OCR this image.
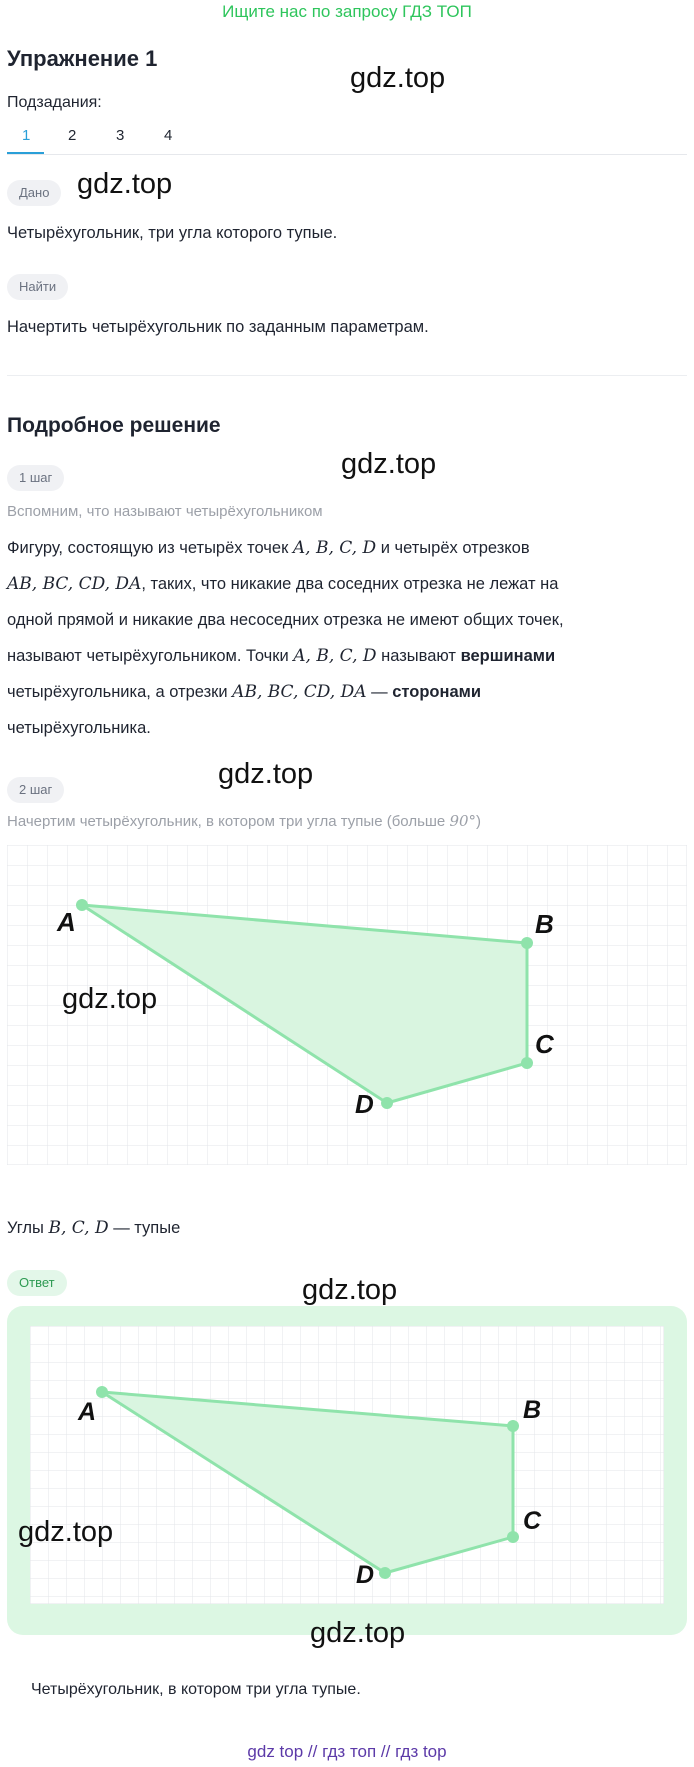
Ищите нас по запросу ГДЗ ТОП
Упражнение 1
Подзадания:
1	2	3	4
Дано
Четырёхугольник, три угла которого тупые.
Найти
Начертить четырёхугольник по заданным параметрам.
Подробное решение
1 шаг
Вспомним, что называют четырёхугольником
Фигуру, состоящую из четырёх точек A, B, C, D и четырёх отрезков
AB, BC, CD, DA, таких, что никакие два соседних отрезка не лежат на
одной прямой и никакие два несоседних отрезка не имеют общих точек,
называют четырёхугольником. Точки A, B, C, D называют вершинами
четырёхугольника, а отрезки AB, BC, CD, DA — сторонами
четырёхугольника.
2 шаг
Начертим четырёхугольник, в котором три угла тупые (больше 90°)
A	B
C
D
Углы B, C, D — тупые
Ответ
A	B
C
D
Четырёхугольник, в котором три угла тупые.
gdz.top
gdz.top
gdz.top
gdz.top
gdz.top
gdz.top
gdz.top
gdz.top
gdz top // гдз топ // гдз top
